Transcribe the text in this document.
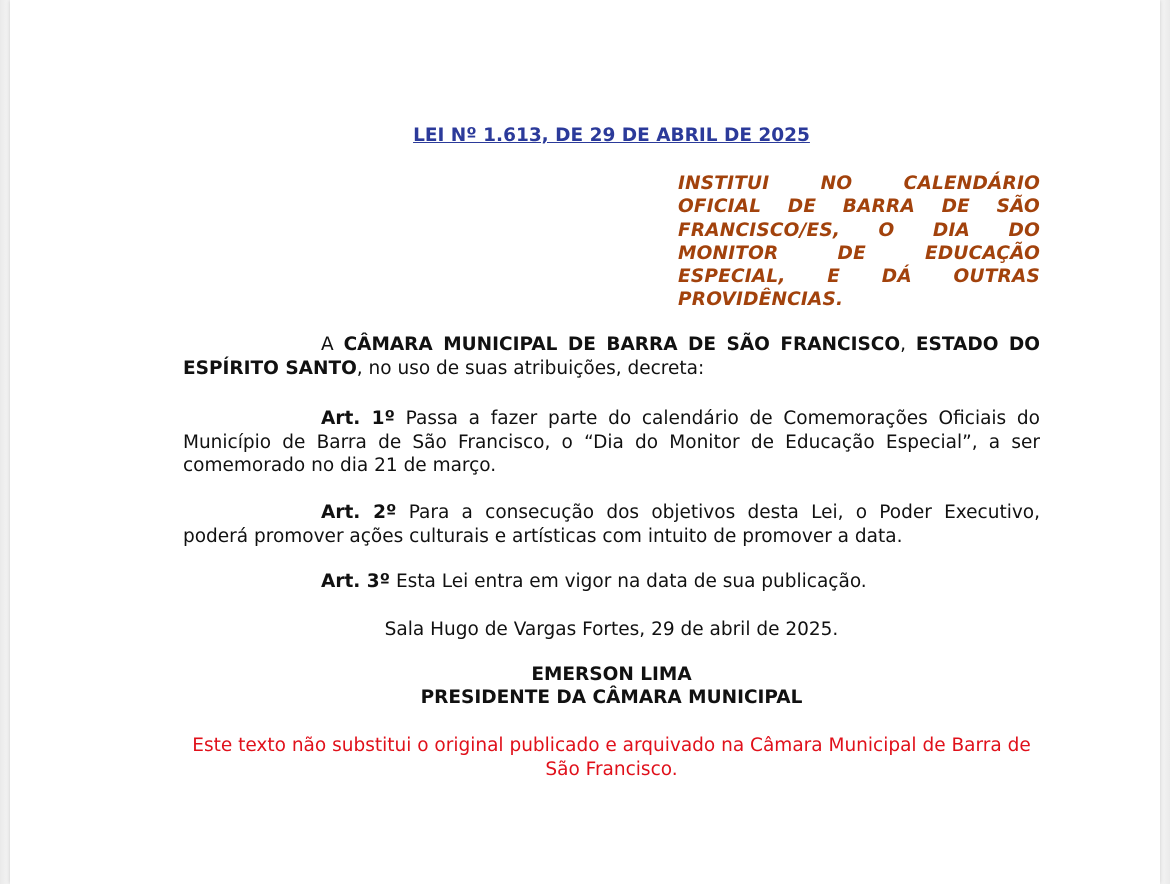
LEI Nº 1.613, DE 29 DE ABRIL DE 2025
INSTITUI NO CALENDÁRIO OFICIAL DE BARRA DE SÃO FRANCISCO/ES, O DIA DO MONITOR DE EDUCAÇÃO ESPECIAL, E DÁ OUTRAS PROVIDÊNCIAS.
A CÂMARA MUNICIPAL DE BARRA DE SÃO FRANCISCO, ESTADO DO ESPÍRITO SANTO, no uso de suas atribuições, decreta:
Art. 1º Passa a fazer parte do calendário de Comemorações Oficiais do Município de Barra de São Francisco, o “Dia do Monitor de Educação Especial”, a ser comemorado no dia 21 de março.
Art. 2º Para a consecução dos objetivos desta Lei, o Poder Executivo, poderá promover ações culturais e artísticas com intuito de promover a data.
Art. 3º Esta Lei entra em vigor na data de sua publicação.
Sala Hugo de Vargas Fortes, 29 de abril de 2025.
EMERSON LIMA
PRESIDENTE DA CÂMARA MUNICIPAL
Este texto não substitui o original publicado e arquivado na Câmara Municipal de Barra de São Francisco.
